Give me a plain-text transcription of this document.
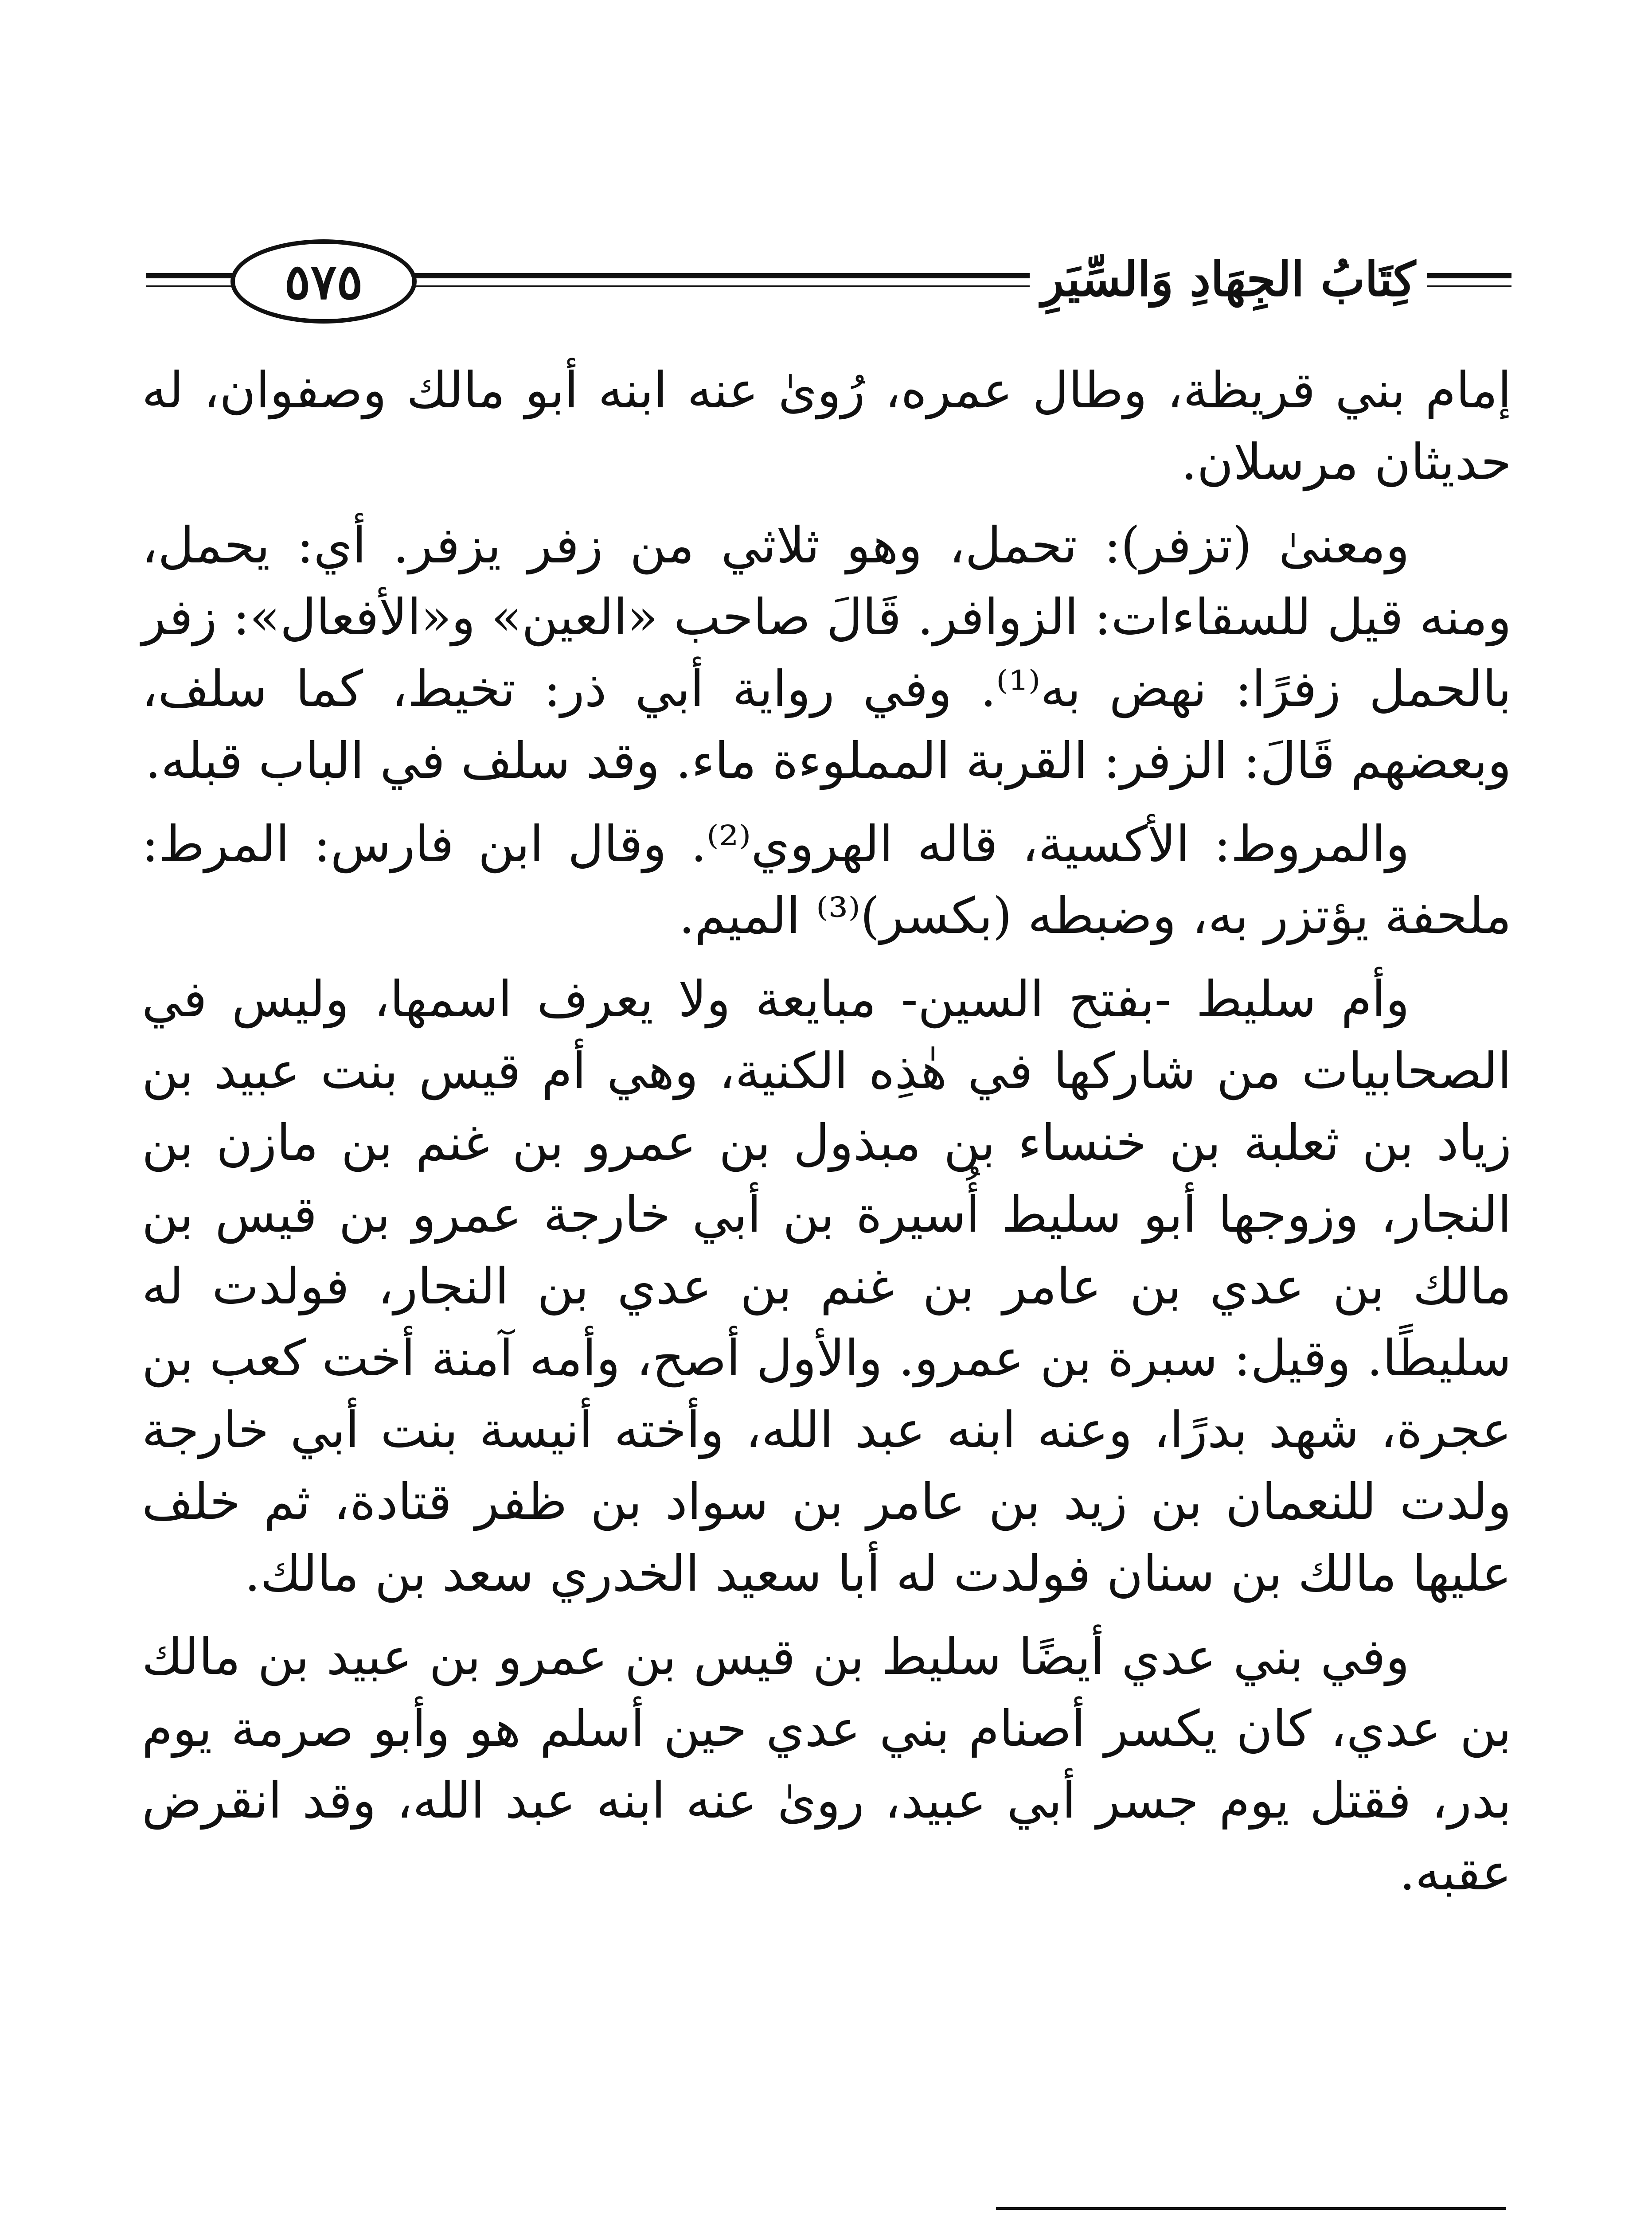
٥٧٥	كِتَابُ الجِهَادِ وَالسِّيَرِ

إمام بني قريظة، وطال عمره، رُوىٰ عنه ابنه أبو مالك وصفوان، له حديثان مرسلان.

ومعنىٰ (تزفر): تحمل، وهو ثلاثي من زفر يزفر. أي: يحمل، ومنه قيل للسقاءات: الزوافر. قَالَ صاحب «العين» و«الأفعال»: زفر بالحمل زفرًا: نهض به⁽¹⁾. وفي رواية أبي ذر: تخيط، كما سلف، وبعضهم قَالَ: الزفر: القربة المملوءة ماء. وقد سلف في الباب قبله.

والمروط: الأكسية، قاله الهروي⁽²⁾. وقال ابن فارس: المرط: ملحفة يؤتزر به، وضبطه (بكسر)⁽³⁾ الميم.

وأم سليط -بفتح السين- مبايعة ولا يعرف اسمها، وليس في الصحابيات من شاركها في هٰذِه الكنية، وهي أم قيس بنت عبيد بن زياد بن ثعلبة بن خنساء بن مبذول بن عمرو بن غنم بن مازن بن النجار، وزوجها أبو سليط أُسيرة بن أبي خارجة عمرو بن قيس بن مالك بن عدي بن عامر بن غنم بن عدي بن النجار، فولدت له سليطًا. وقيل: سبرة بن عمرو. والأول أصح، وأمه آمنة أخت كعب بن عجرة، شهد بدرًا، وعنه ابنه عبد الله، وأخته أنيسة بنت أبي خارجة ولدت للنعمان بن زيد بن عامر بن سواد بن ظفر قتادة، ثم خلف عليها مالك بن سنان فولدت له أبا سعيد الخدري سعد بن مالك.

وفي بني عدي أيضًا سليط بن قيس بن عمرو بن عبيد بن مالك بن عدي، كان يكسر أصنام بني عدي حين أسلم هو وأبو صرمة يوم بدر، فقتل يوم جسر أبي عبيد، روىٰ عنه ابنه عبد الله، وقد انقرض عقبه.
